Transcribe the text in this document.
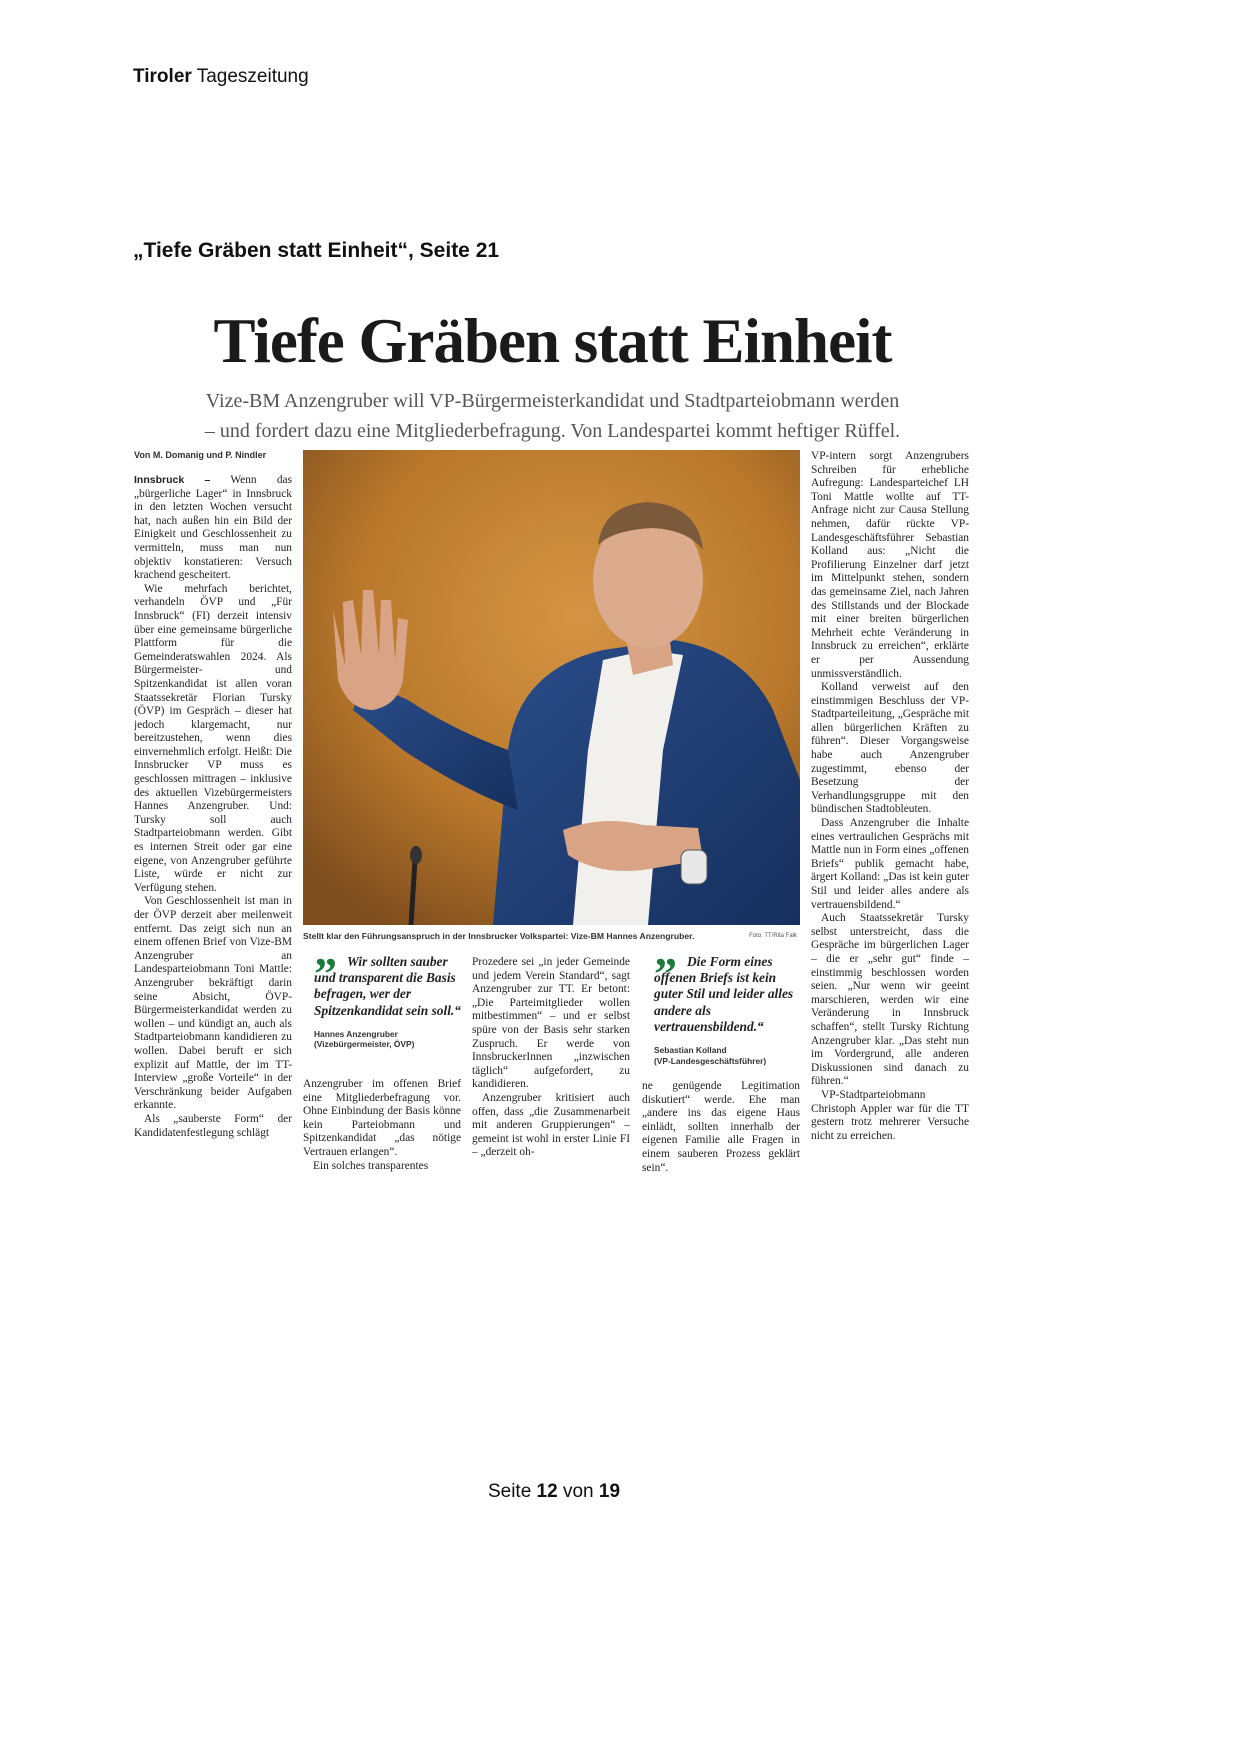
Tiroler Tageszeitung
„Tiefe Gräben statt Einheit“, Seite 21
Tiefe Gräben statt Einheit
Vize-BM Anzengruber will VP-Bürgermeisterkandidat und Stadtparteiobmann werden
– und fordert dazu eine Mitgliederbefragung. Von Landespartei kommt heftiger Rüffel.
Von M. Domanig und P. Nindler

Innsbruck – Wenn das „bürgerliche Lager“ in Innsbruck in den letzten Wochen versucht hat, nach außen hin ein Bild der Einigkeit und Geschlossenheit zu vermitteln, muss man nun objektiv konstatieren: Versuch krachend gescheitert.

Wie mehrfach berichtet, verhandeln ÖVP und „Für Innsbruck“ (FI) derzeit intensiv über eine gemeinsame bürgerliche Plattform für die Gemeinderatswahlen 2024. Als Bürgermeister- und Spitzenkandidat ist allen voran Staatssekretär Florian Tursky (ÖVP) im Gespräch – dieser hat jedoch klargemacht, nur bereitzustehen, wenn dies einvernehmlich erfolgt. Heißt: Die Innsbrucker VP muss es geschlossen mittragen – inklusive des aktuellen Vizebürgermeisters Hannes Anzengruber. Und: Tursky soll auch Stadtparteiobmann werden. Gibt es internen Streit oder gar eine eigene, von Anzengruber geführte Liste, würde er nicht zur Verfügung stehen.

Von Geschlossenheit ist man in der ÖVP derzeit aber meilenweit entfernt. Das zeigt sich nun an einem offenen Brief von Vize-BM Anzengruber an Landesparteiobmann Toni Mattle: Anzengruber bekräftigt darin seine Absicht, ÖVP-Bürgermeisterkandidat werden zu wollen – und kündigt an, auch als Stadtparteiobmann kandidieren zu wollen. Dabei beruft er sich explizit auf Mattle, der im TT-Interview „große Vorteile“ in der Verschränkung beider Aufgaben erkannte.

Als „sauberste Form“ der Kandidatenfestlegung schlägt

Stellt klar den Führungsanspruch in der Innsbrucker Volkspartei: Vize-BM Hannes Anzengruber.	Foto: TT/Rita Falk
” Wir sollten sauber und transparent die Basis befragen, wer der Spitzenkandidat sein soll.“
Hannes Anzengruber
(Vizebürgermeister, ÖVP)

Anzengruber im offenen Brief eine Mitgliederbefragung vor. Ohne Einbindung der Basis könne kein Parteiobmann und Spitzenkandidat „das nötige Vertrauen erlangen“.

Ein solches transparentes

Prozedere sei „in jeder Gemeinde und jedem Verein Standard“, sagt Anzengruber zur TT. Er betont: „Die Parteimitglieder wollen mitbestimmen“ – und er selbst spüre von der Basis sehr starken Zuspruch. Er werde von InnsbruckerInnen „inzwischen täglich“ aufgefordert, zu kandidieren.

Anzengruber kritisiert auch offen, dass „die Zusammenarbeit mit anderen Gruppierungen“ – gemeint ist wohl in erster Linie FI – „derzeit oh-

” Die Form eines offenen Briefs ist kein guter Stil und leider alles andere als vertrauensbildend.“
Sebastian Kolland
(VP-Landesgeschäftsführer)

ne genügende Legitimation diskutiert“ werde. Ehe man „andere ins das eigene Haus einlädt, sollten innerhalb der eigenen Familie alle Fragen in einem sauberen Prozess geklärt sein“.

VP-intern sorgt Anzengrubers Schreiben für erhebliche Aufregung: Landesparteichef LH Toni Mattle wollte auf TT-Anfrage nicht zur Causa Stellung nehmen, dafür rückte VP-Landesgeschäftsführer Sebastian Kolland aus: „Nicht die Profilierung Einzelner darf jetzt im Mittelpunkt stehen, sondern das gemeinsame Ziel, nach Jahren des Stillstands und der Blockade mit einer breiten bürgerlichen Mehrheit echte Veränderung in Innsbruck zu erreichen“, erklärte er per Aussendung unmissverständlich.

Kolland verweist auf den einstimmigen Beschluss der VP-Stadtparteileitung, „Gespräche mit allen bürgerlichen Kräften zu führen“. Dieser Vorgangsweise habe auch Anzengruber zugestimmt, ebenso der Besetzung der Verhandlungsgruppe mit den bündischen Stadtobleuten.

Dass Anzengruber die Inhalte eines vertraulichen Gesprächs mit Mattle nun in Form eines „offenen Briefs“ publik gemacht habe, ärgert Kolland: „Das ist kein guter Stil und leider alles andere als vertrauensbildend.“

Auch Staatssekretär Tursky selbst unterstreicht, dass die Gespräche im bürgerlichen Lager – die er „sehr gut“ finde – einstimmig beschlossen worden seien. „Nur wenn wir geeint marschieren, werden wir eine Veränderung in Innsbruck schaffen“, stellt Tursky Richtung Anzengruber klar. „Das steht nun im Vordergrund, alle anderen Diskussionen sind danach zu führen.“

VP-Stadtparteiobmann Christoph Appler war für die TT gestern trotz mehrerer Versuche nicht zu erreichen.

Seite 12 von 19
